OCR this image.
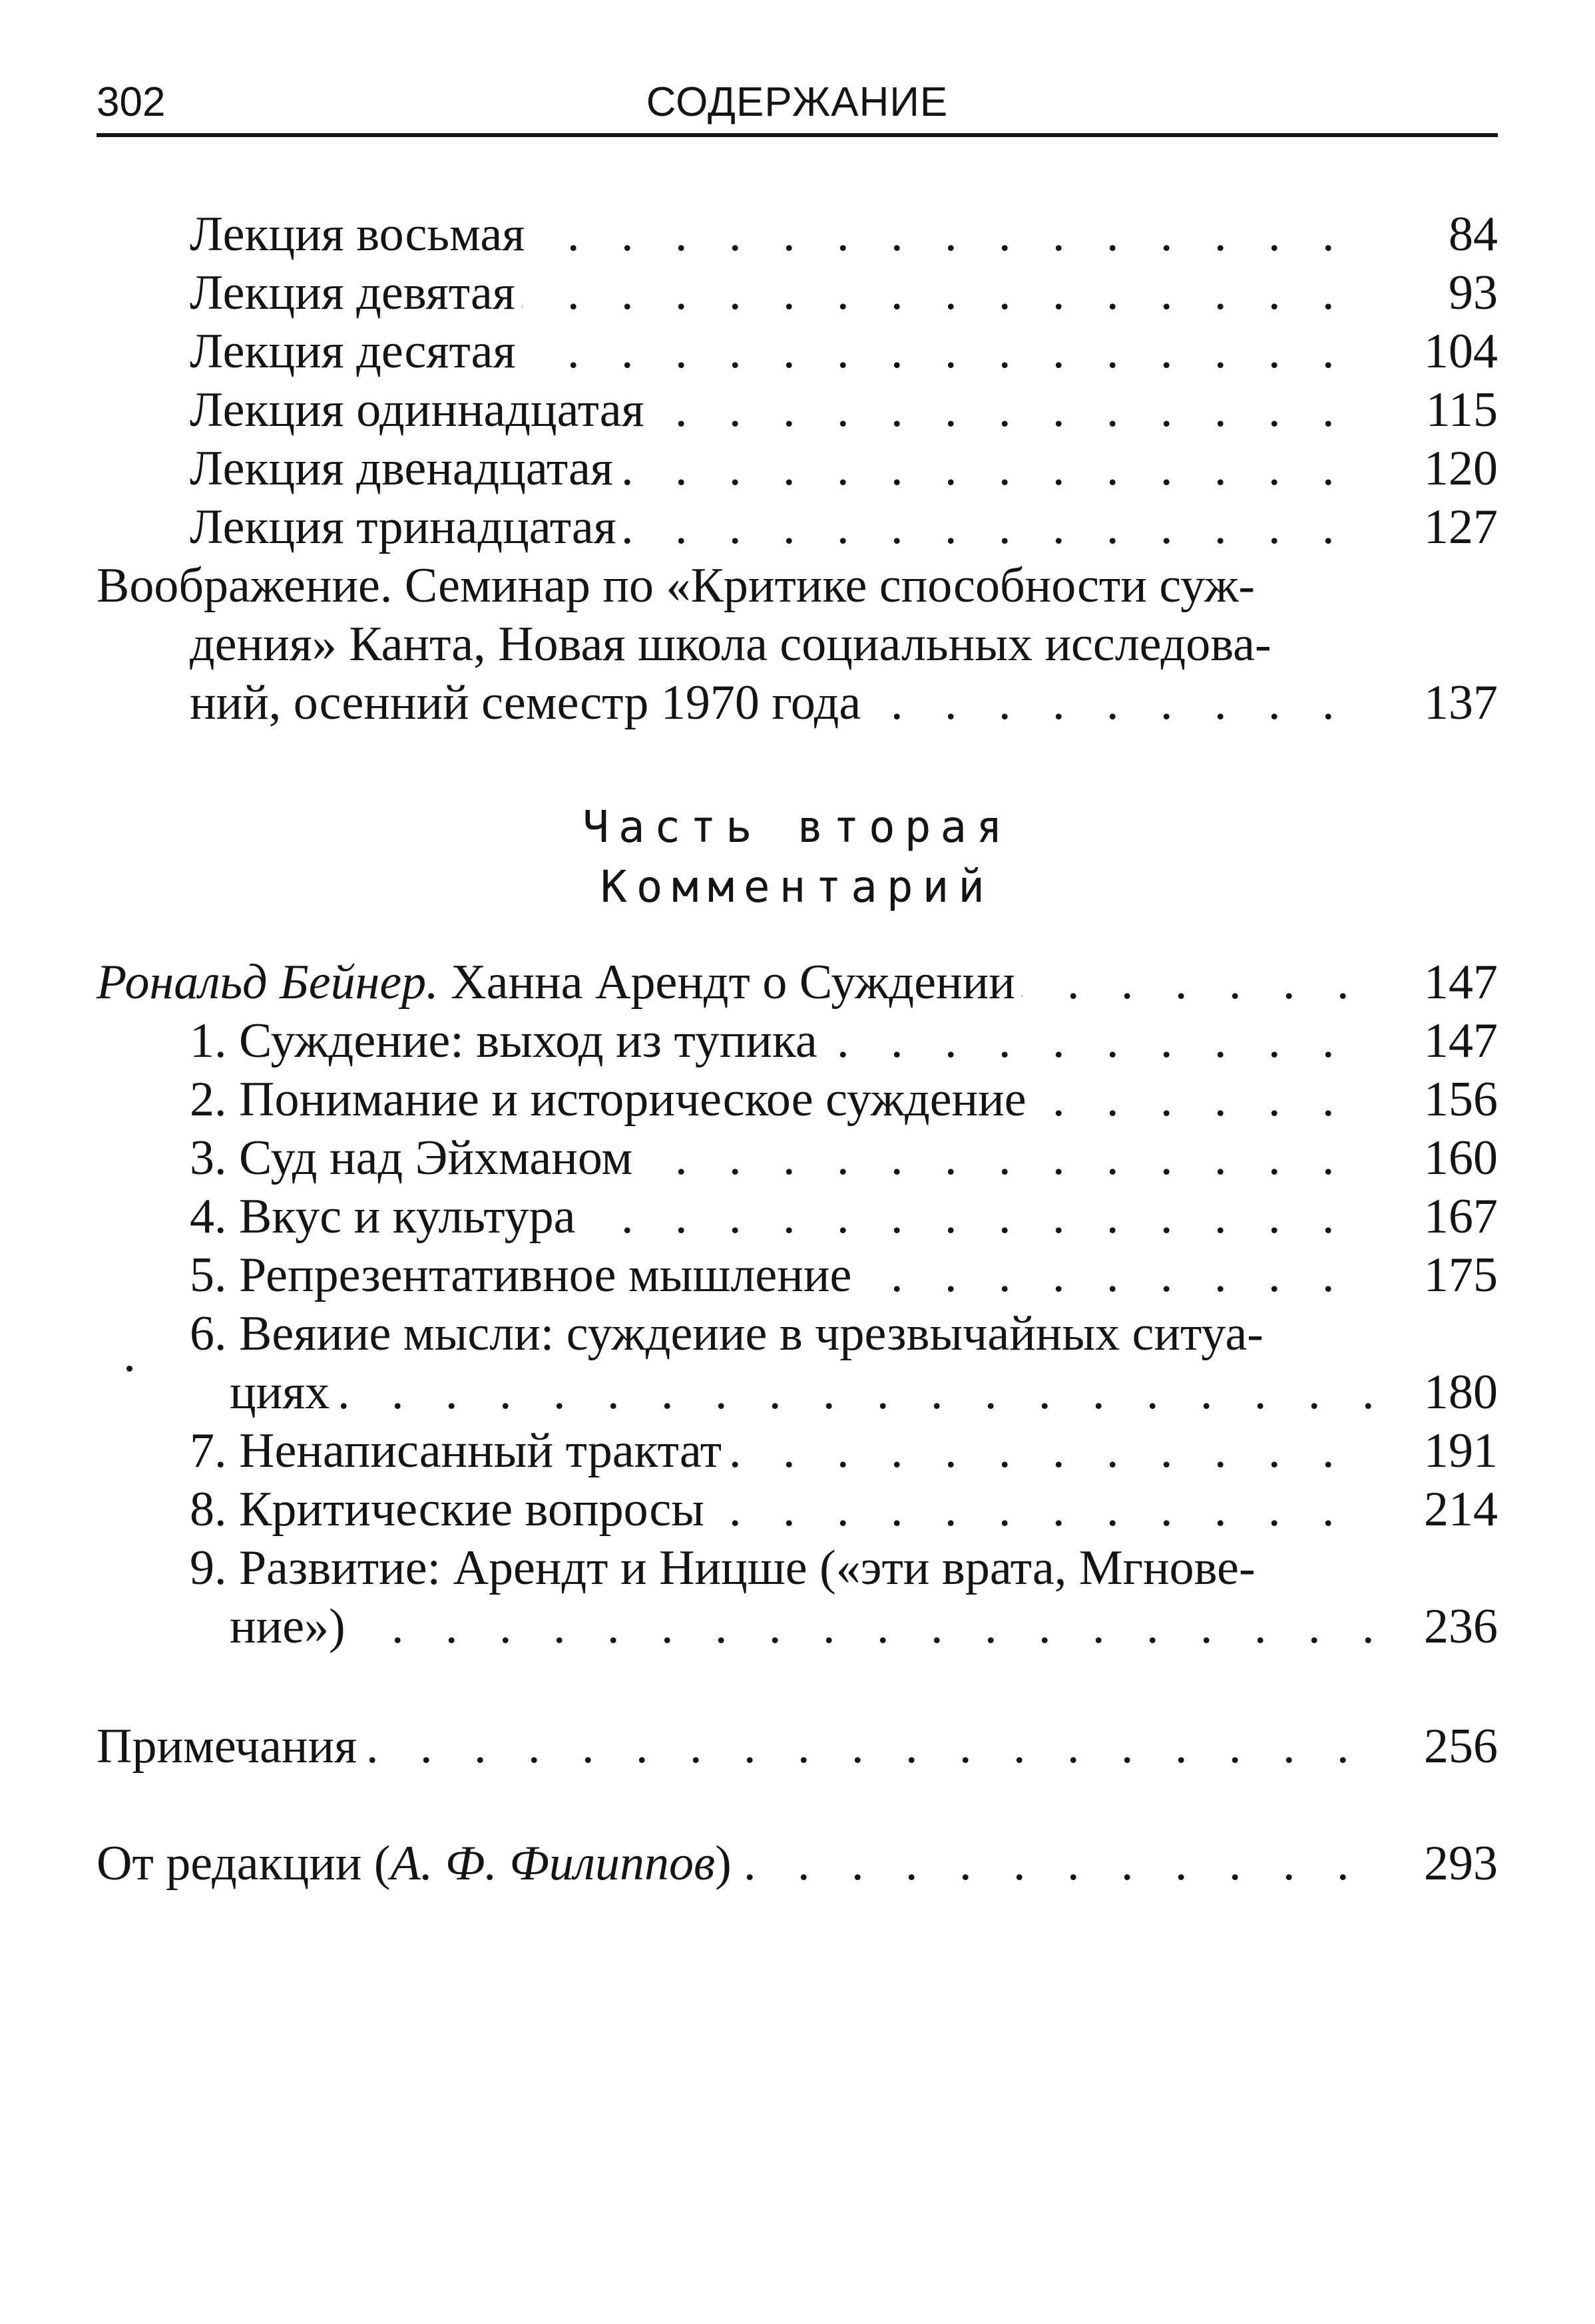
302	СОДЕРЖАНИЕ
Лекция восьмая . . .	84
Лекция девятая . . .	93
Лекция десятая . . .	104
Лекция одиннадцатая . . .	115
Лекция двенадцатая . . .	120
Лекция тринадцатая . . .	127
Воображение. Семинар по «Критике способности суж-
дения» Канта, Новая школа социальных исследова-
ний, осенний семестр 1970 года . . .	137
Часть вторая
Комментарий
Рональд Бейнер. Ханна Арендт о Суждении . . .	147
1. Суждение: выход из тупика . . .	147
2. Понимание и историческое суждение . . .	156
3. Суд над Эйхманом . . .	160
4. Вкус и культура . . .	167
5. Репрезентативное мышление . . .	175
6. Веяиие мысли: суждеиие в чрезвычайных ситуа-
циях . . .	180
7. Ненаписанный трактат . . .	191
8. Критические вопросы . . .	214
9. Развитие: Арендт и Ницше («эти врата, Мгнове-
ние») . . .	236
Примечания . . .	256
От редакции (А. Ф. Филиппов) . . .	293
